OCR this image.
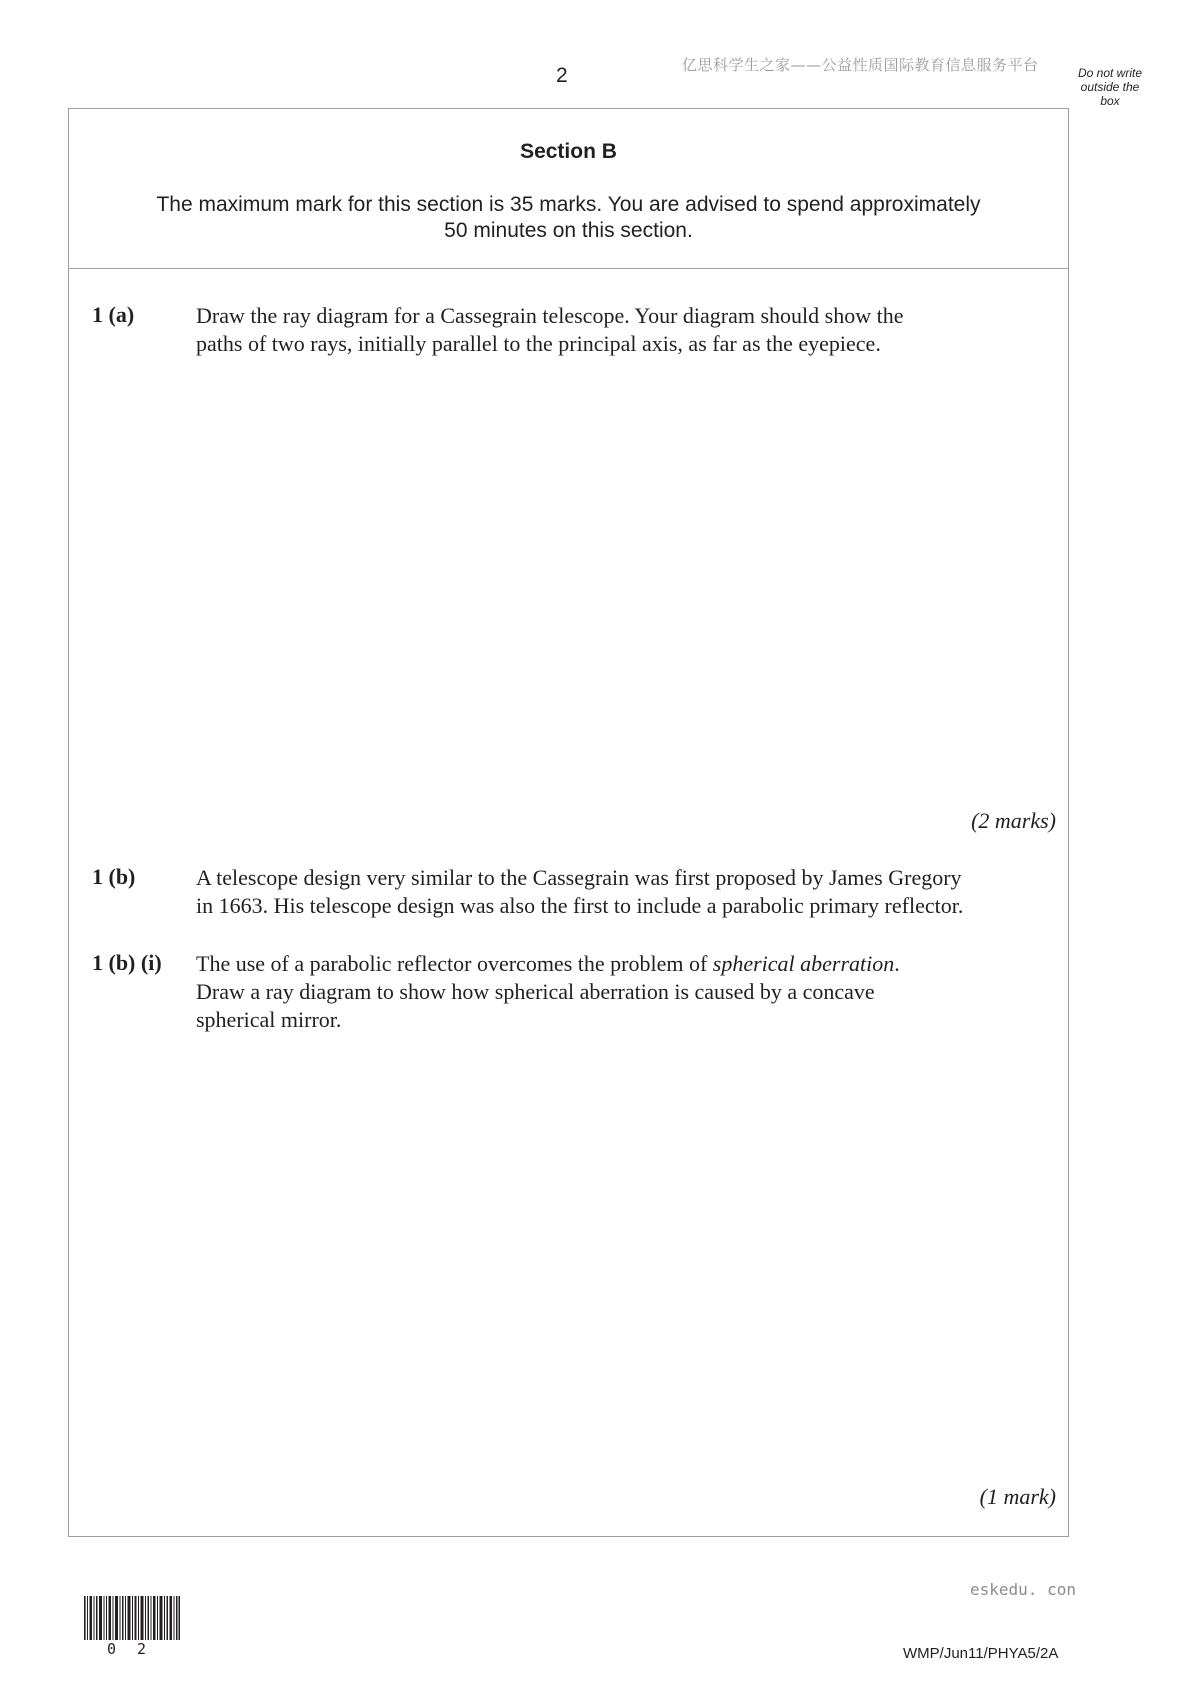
2	亿思科学生之家——公益性质国际教育信息服务平台	Do not write
outside the
box
Section B
The maximum mark for this section is 35 marks. You are advised to spend approximately
50 minutes on this section.
1 (a)	Draw the ray diagram for a Cassegrain telescope. Your diagram should show the
paths of two rays, initially parallel to the principal axis, as far as the eyepiece.
(2 marks)
1 (b)	A telescope design very similar to the Cassegrain was first proposed by James Gregory
in 1663. His telescope design was also the first to include a parabolic primary reflector.
1 (b) (i) The use of a parabolic reflector overcomes the problem of spherical aberration.
Draw a ray diagram to show how spherical aberration is caused by a concave
spherical mirror.
(1 mark)
eskedu. con
0 2	WMP/Jun11/PHYA5/2A
